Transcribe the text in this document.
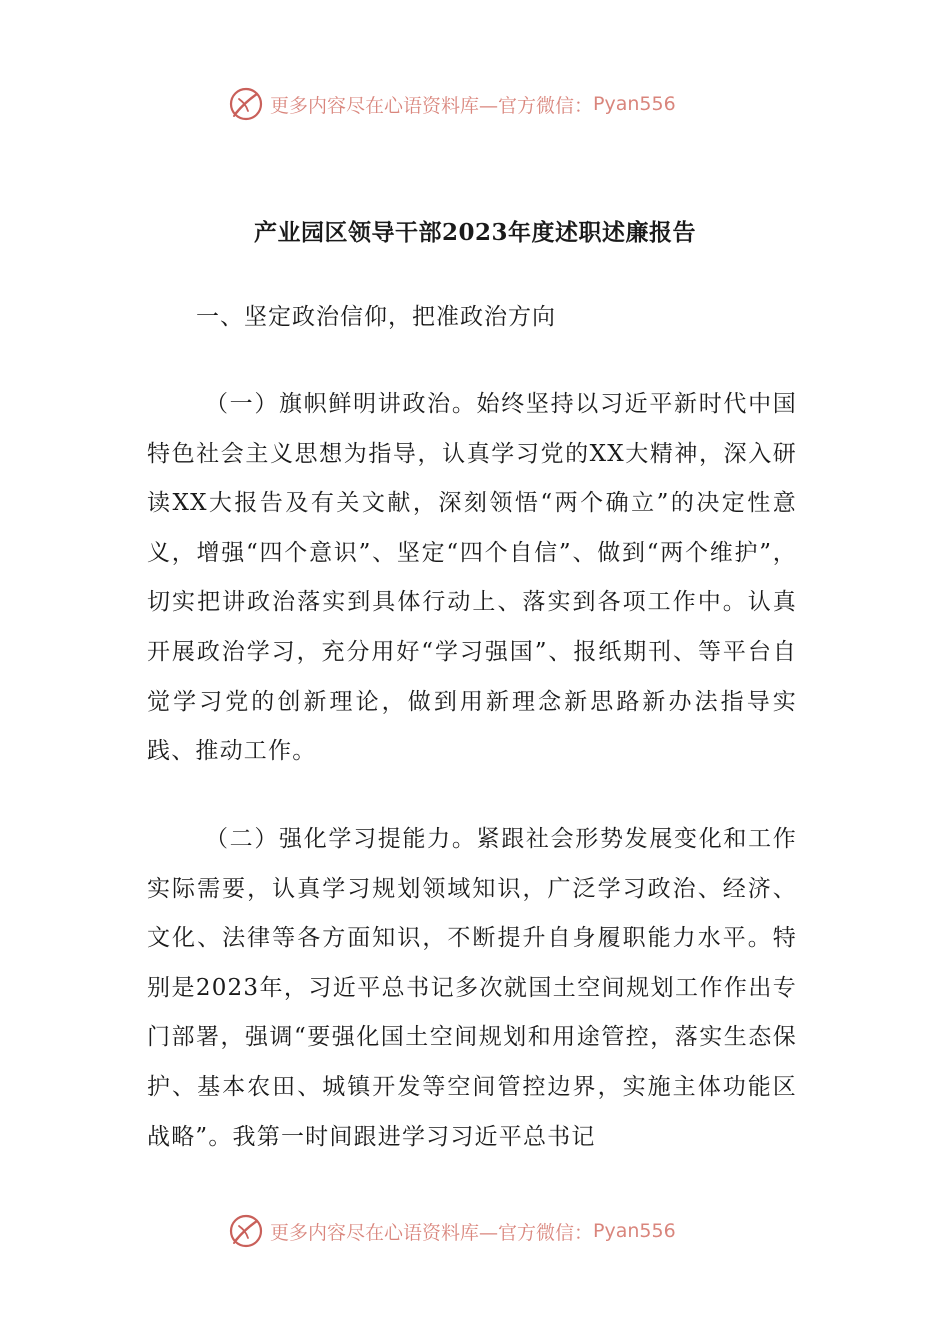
更多内容尽在心语资料库—官方微信： Pyan556
产业园区领导干部2023年度述职述廉报告

一、坚定政治信仰，把准政治方向

（一）旗帜鲜明讲政治。始终坚持以习近平新时代中国特色社会主义思想为指导，认真学习党的XX大精神，深入研读XX大报告及有关文献，深刻领悟“两个确立”的决定性意义，增强“四个意识”、坚定“四个自信”、做到“两个维护”，切实把讲政治落实到具体行动上、落实到各项工作中。认真开展政治学习，充分用好“学习强国”、报纸期刊、等平台自觉学习党的创新理论，做到用新理念新思路新办法指导实践、推动工作。

（二）强化学习提能力。紧跟社会形势发展变化和工作实际需要，认真学习规划领域知识，广泛学习政治、经济、文化、法律等各方面知识，不断提升自身履职能力水平。特别是2023年，习近平总书记多次就国土空间规划工作作出专门部署，强调“要强化国土空间规划和用途管控，落实生态保护、基本农田、城镇开发等空间管控边界，实施主体功能区战略”。我第一时间跟进学习习近平总书记

更多内容尽在心语资料库—官方微信： Pyan556
